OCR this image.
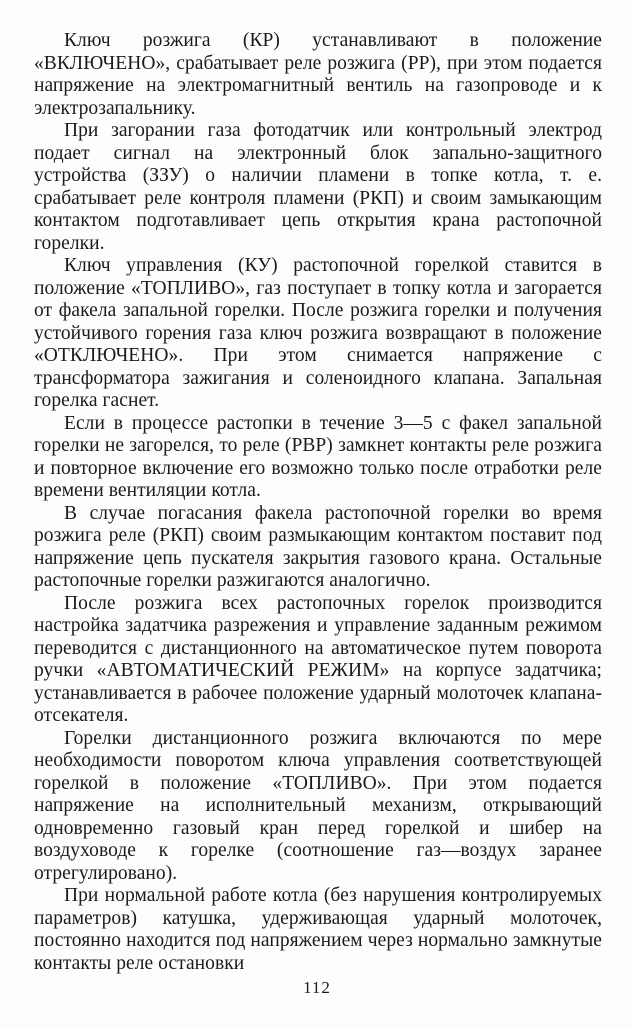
Ключ розжига (КР) устанавливают в положение «ВКЛЮЧЕНО», срабатывает реле розжига (РР), при этом подается напряжение на электромагнитный вентиль на газопроводе и к электрозапальнику.

При загорании газа фотодатчик или контрольный электрод подает сигнал на электронный блок запально-защитного устройства (ЗЗУ) о наличии пламени в топке котла, т. е. срабатывает реле контроля пламени (РКП) и своим замыкающим контактом подготавливает цепь открытия крана растопочной горелки.

Ключ управления (КУ) растопочной горелкой ставится в положение «ТОПЛИВО», газ поступает в топку котла и загорается от факела запальной горелки. После розжига горелки и получения устойчивого горения газа ключ розжига возвращают в положение «ОТКЛЮЧЕНО». При этом снимается напряжение с трансформатора зажигания и соленоидного клапана. Запальная горелка гаснет.

Если в процессе растопки в течение 3—5 с факел запальной горелки не загорелся, то реле (РВР) замкнет контакты реле розжига и повторное включение его возможно только после отработки реле времени вентиляции котла.

В случае погасания факела растопочной горелки во время розжига реле (РКП) своим размыкающим контактом поставит под напряжение цепь пускателя закрытия газового крана. Остальные растопочные горелки разжигаются аналогично.

После розжига всех растопочных горелок производится настройка задатчика разрежения и управление заданным режимом переводится с дистанционного на автоматическое путем поворота ручки «АВТОМАТИЧЕСКИЙ РЕЖИМ» на корпусе задатчика; устанавливается в рабочее положение ударный молоточек клапана-отсекателя.

Горелки дистанционного розжига включаются по мере необходимости поворотом ключа управления соответствующей горелкой в положение «ТОПЛИВО». При этом подается напряжение на исполнительный механизм, открывающий одновременно газовый кран перед горелкой и шибер на воздуховоде к горелке (соотношение газ—воздух заранее отрегулировано).

При нормальной работе котла (без нарушения контролируемых параметров) катушка, удерживающая ударный молоточек, постоянно находится под напряжением через нормально замкнутые контакты реле остановки

112
